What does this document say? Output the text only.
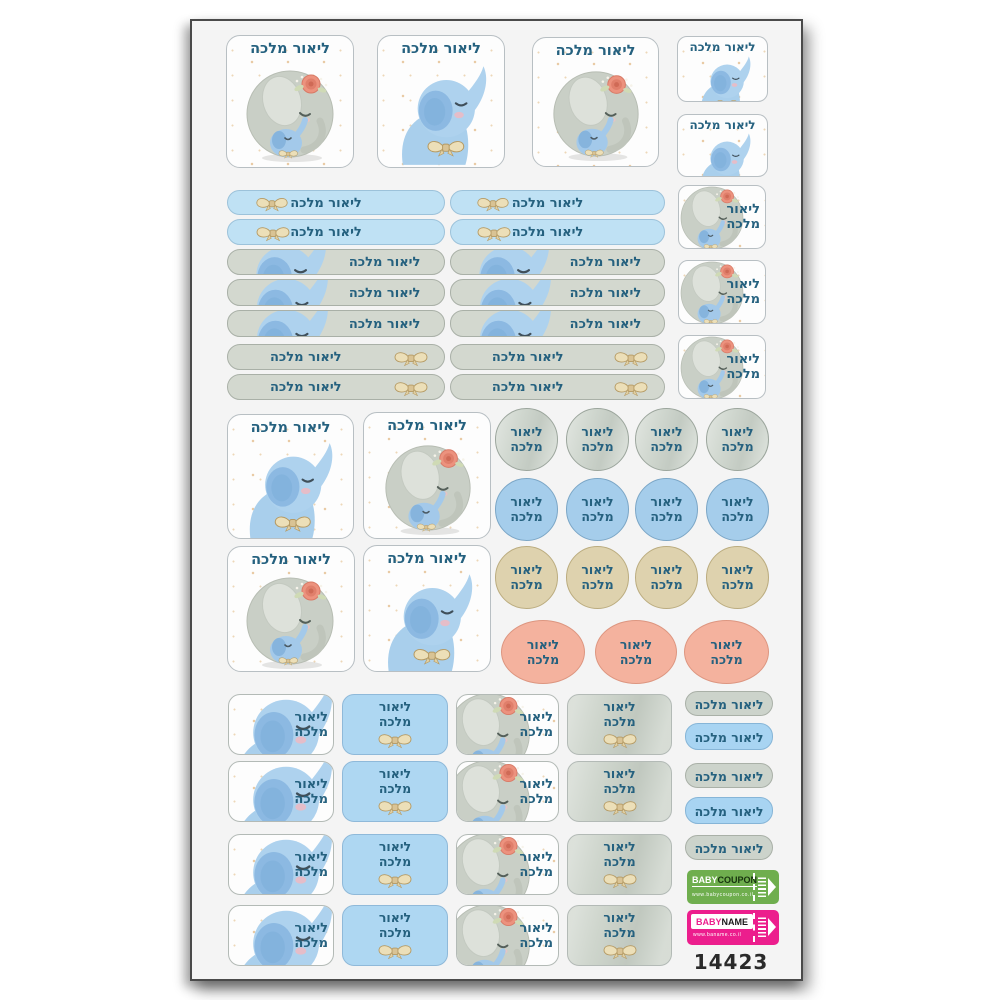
ליאור מלכה	ליאור מלכה	ליאור מלכה	ליאור מלכה
ליאור מלכה
ליאור
מלכה
ליאור
מלכה
ליאור
מלכה
ליאור מלכה	ליאור מלכה
ליאור מלכה	ליאור מלכה
ליאור מלכה	ליאור מלכה
ליאור מלכה	ליאור מלכה
ליאור מלכה	ליאור מלכה
ליאור מלכה	ליאור מלכה
ליאור מלכה	ליאור מלכה
ליאור מלכה	ליאור מלכה
ליאור מלכה	ליאור מלכה
ליאור
מלכה
ליאור
מלכה
ליאור
מלכה
ליאור
מלכה
ליאור
מלכה
ליאור
מלכה
ליאור
מלכה
ליאור
מלכה
ליאור
מלכה
ליאור
מלכה
ליאור
מלכה
ליאור
מלכה
ליאור
מלכה
ליאור
מלכה
ליאור
מלכה
ליאור
מלכה
ליאור
מלכה	ליאור
מלכה
ליאור
מלכה
ליאור
מלכה
ליאור
מלכה	ליאור
מלכה
ליאור
מלכה
ליאור
מלכה
ליאור
מלכה	ליאור
מלכה
ליאור
מלכה
ליאור
מלכה
ליאור
מלכה	ליאור
מלכה
ליאור
מלכה
ליאור מלכה
ליאור מלכה
ליאור מלכה
ליאור מלכה
ליאור מלכה
BABYCOUPON
www.babycoupon.co.il
BABY NAME
www.baname.co.il
14423
